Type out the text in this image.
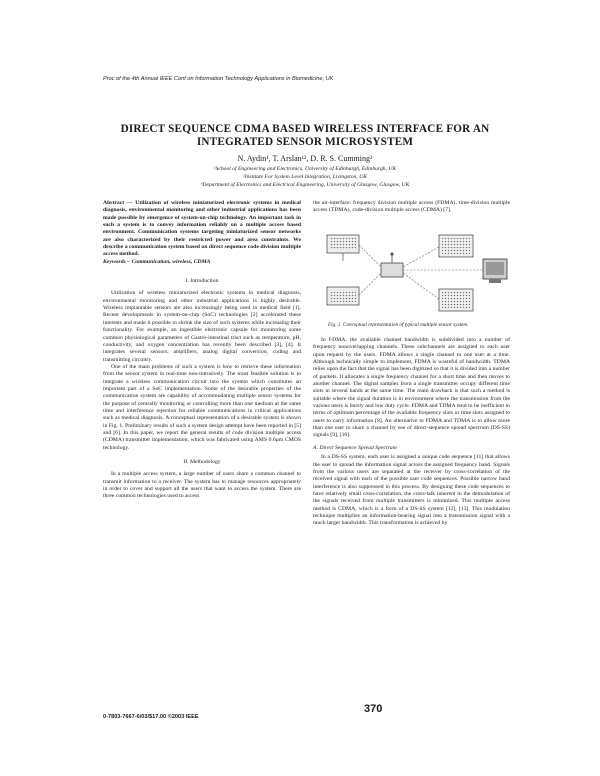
Proc of the 4th Annual IEEE Conf on Information Technology Applications in Biomedicine, UK
DIRECT SEQUENCE CDMA BASED WIRELESS INTERFACE FOR AN
INTEGRATED SENSOR MICROSYSTEM
N. Aydin¹, T. Arslan¹², D. R. S. Cumming³
¹School of Engineering and Electronics, University of Edinburgh, Edinburgh, UK
²Institute For System Level Integration, Livingston, UK
³Department of Electronics and Electrical Engineering, University of Glasgow, Glasgow, UK

Abstract — Utilization of wireless miniaturized electronic systems in medical diagnosis, environmental monitoring and other industrial applications has been made possible by emergence of system-on-chip technology. An important task in such a system is to convey information reliably on a multiple access based environment. Communication systems targeting miniaturized sensor networks are also characterized by their restricted power and area constraints. We describe a communication system based on direct sequence code division multiple access method.

Keywords – Communication, wireless, CDMA

I. Introduction

Utilization of wireless miniaturized electronic systems in medical diagnosis, environmental monitoring and other industrial applications is highly desirable. Wireless implantable sensors are also increasingly being used in medical field [1]. Recent developments in system-on-chip (SoC) technologies [2] accelerated these interests and made it possible to shrink the size of such systems while increasing their functionality. For example, an ingestible electronic capsule for monitoring some common physiological parameters of Gastro-intestinal tract such as temperature, pH, conductivity, and oxygen concentration has recently been described [3], [4]. It integrates several sensors, amplifiers, analog digital conversion, coding and transmitting circuitry.

One of the main problems of such a system is how to retrieve these information from the sensor system in real-time non-intrusively. The most feasible solution is to integrate a wireless communication circuit into the system which constitutes an important part of a SoC implementation. Some of the desirable properties of the communication system are capability of accommodating multiple sensor systems for the purpose of centrally monitoring or controlling more than one medium at the same time and interference rejection for reliable communications in critical applications such as medical diagnosis. A conceptual representation of a desirable system is shown in Fig. 1. Preliminary results of such a system design attempt have been reported in [5] and [6]. In this paper, we report the general results of code division multiple access (CDMA) transmitter implementation, which was fabricated using AMS 0.6μm CMOS technology.

II. Methodology

In a multiple access system, a large number of users share a common channel to transmit information to a receiver. The system has to manage resources appropriately in order to cover and support all the users that want to access the system. There are three common technologies used to access

the air-interface: frequency division multiple access (FDMA), time-division multiple access (TDMA), code-division multiple access (CDMA) [7].

Fig. 1. Conceptual representation of typical multiple sensor system.

In FDMA, the available channel bandwidth is subdivided into a number of frequency nonoverlapping channels. These subchannels are assigned to each user upon request by the users. FDMA allows a single channel to one user at a time. Although technically simple to implement, FDMA is wasteful of bandwidth. TDMA relies upon the fact that the signal has been digitized so that it is divided into a number of packets. It allocates a single frequency channel for a short time and then moves to another channel. The digital samples from a single transmitter occupy different time slots in several bands at the same time. The main drawback is that such a method is suitable where the signal duration is in environment where the transmission from the various users is bursty and low duty cycle. FDMA and TDMA tend to be inefficient in terms of optimum percentage of the available frequency slots or time slots assigned to users to carry information [8]. An alternative to FDMA and TDMA is to allow more than one user to share a channel by use of direct-sequence spread spectrum (DS-SS) signals [9], [10].

A. Direct Sequence Spread Spectrum

In a DS-SS system, each user is assigned a unique code sequence [11] that allows the user to spread the information signal across the assigned frequency band. Signals from the various users are separated at the receiver by cross-correlation of the received signal with each of the possible user code sequences. Possible narrow band interference is also suppressed in this process. By designing these code sequences to have relatively small cross-correlation, the cross-talk inherent in the demodulation of the signals received from multiple transmitters is minimized. This multiple access method is CDMA, which is a form of a DS-SS system [12], [13]. This modulation technique multiplies an information-bearing signal into a transmission signal with a much larger bandwidth. This transformation is achieved by

370
0-7803-7667-6/03/$17.00 ©2003 IEEE
